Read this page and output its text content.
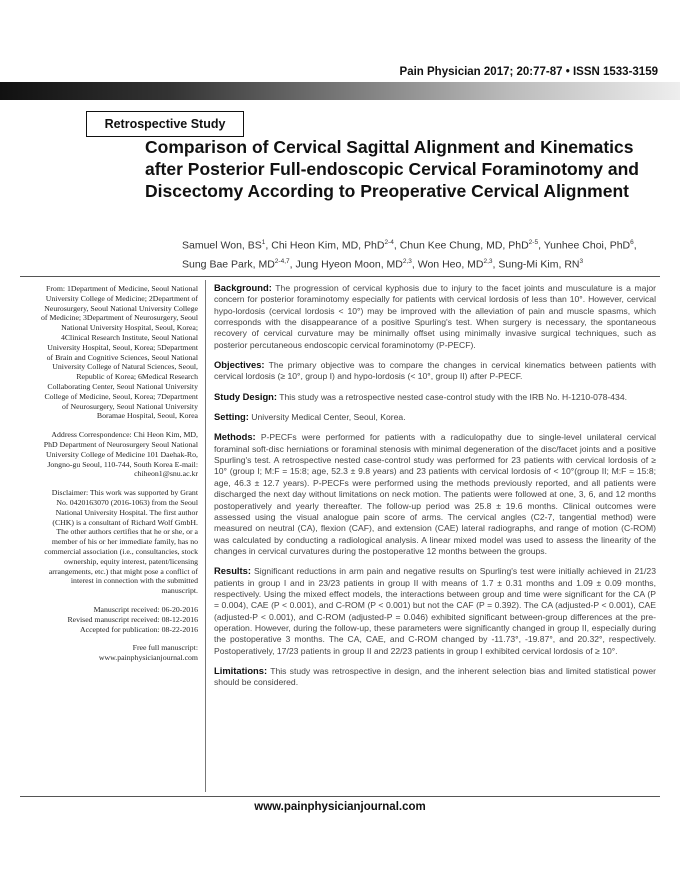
Pain Physician 2017; 20:77-87 • ISSN 1533-3159
Retrospective Study
Comparison of Cervical Sagittal Alignment and Kinematics after Posterior Full-endoscopic Cervical Foraminotomy and Discectomy According to Preoperative Cervical Alignment
Samuel Won, $BS^1$, Chi Heon Kim, MD, PhD$^{2-4}$, Chun Kee Chung, MD, PhD$^{2-5}$, Yunhee Choi, PhD$^6$, Sung Bae Park, MD$^{2-4,7}$, Jung Hyeon Moon, MD$^{2,3}$, Won Heo, MD$^{2,3}$, Sung-Mi Kim, $RN^3$

From: 1Department of Medicine, Seoul National University College of Medicine; 2Department of Neurosurgery, Seoul National University College of Medicine; 3Department of Neurosurgery, Seoul National University Hospital, Seoul, Korea; 4Clinical Research Institute, Seoul National University Hospital, Seoul, Korea; 5Department of Brain and Cognitive Sciences, Seoul National University College of Natural Sciences, Seoul, Republic of Korea; 6Medical Research Collaborating Center, Seoul National University College of Medicine, Seoul, Korea; 7Department of Neurosurgery, Seoul National University Boramae Hospital, Seoul, Korea

Address Correspondence: Chi Heon Kim, MD, PhD Department of Neurosurgery Seoul National University College of Medicine 101 Daehak-Ro, Jongno-gu Seoul, 110-744, South Korea E-mail: chiheon1@snu.ac.kr

Disclaimer: This work was supported by Grant No. 0420163070 (2016-1063) from the Seoul National University Hospital. The first author (CHK) is a consultant of Richard Wolf GmbH. The other authors certifies that he or she, or a member of his or her immediate family, has no commercial association (i.e., consultancies, stock ownership, equity interest, patent/licensing arrangements, etc.) that might pose a conflict of interest in connection with the submitted manuscript.

Manuscript received: 06-20-2016

Revised manuscript received: 08-12-2016

Accepted for publication: 08-22-2016

Free full manuscript: www.painphysicianjournal.com

Background: The progression of cervical kyphosis due to injury to the facet joints and musculature is a major concern for posterior foraminotomy especially for patients with cervical lordosis of less than 10°. However, cervical hypo-lordosis (cervical lordosis < 10°) may be improved with the alleviation of pain and muscle spasms, which corresponds with the disappearance of a positive Spurling's test. When surgery is necessary, the spontaneous recovery of cervical curvature may be minimally offset using minimally invasive surgical techniques, such as posterior percutaneous endoscopic cervical foraminotomy (P-PECF).

Objectives: The primary objective was to compare the changes in cervical kinematics between patients with cervical lordosis (≥ 10°, group I) and hypo-lordosis (< 10°, group II) after P-PECF.

Study Design: This study was a retrospective nested case-control study with the IRB No. H-1210-078-434.

Setting: University Medical Center, Seoul, Korea.

Methods: P-PECFs were performed for patients with a radiculopathy due to single-level unilateral cervical foraminal soft-disc herniations or foraminal stenosis with minimal degeneration of the disc/facet joints and a positive Spurling's test. A retrospective nested case-control study was performed for 23 patients with cervical lordosis of ≥ 10° (group I; M:F = 15:8; age, 52.3 ± 9.8 years) and 23 patients with cervical lordosis of < 10°(group II; M:F = 15:8; age, 46.3 ± 12.7 years). P-PECFs were performed using the methods previously reported, and all patients were discharged the next day without limitations on neck motion. The patients were followed at one, 3, 6, and 12 months postoperatively and yearly thereafter. The follow-up period was 25.8 ± 19.6 months. Clinical outcomes were assessed using the visual analogue pain score of arms. The cervical angles (C2-7, tangential method) were measured on neutral (CA), flexion (CAF), and extension (CAE) lateral radiographs, and range of motion (C-ROM) was calculated by conducting a radiological analysis. A linear mixed model was used to assess the linearity of the changes in cervical curvatures during the postoperative 12 months between the groups.

Results: Significant reductions in arm pain and negative results on Spurling's test were initially achieved in 21/23 patients in group I and in 23/23 patients in group II with means of 1.7 ± 0.31 months and 1.09 ± 0.09 months, respectively. Using the mixed effect models, the interactions between group and time were significant for the CA (P = 0.004), CAE (P < 0.001), and C-ROM (P < 0.001) but not the CAF (P = 0.392). The CA (adjusted-P < 0.001), CAE (adjusted-P < 0.001), and C-ROM (adjusted-P = 0.046) exhibited significant between-group differences at the pre-operation. However, during the follow-up, these parameters were significantly changed in group II, especially during the postoperative 3 months. The CA, CAE, and C-ROM changed by -11.73°, -19.87°, and 20.32°, respectively. Postoperatively, 17/23 patients in group II and 22/23 patients in group I exhibited cervical lordosis of ≥ 10°.

Limitations: This study was retrospective in design, and the inherent selection bias and limited statistical power should be considered.

www.painphysicianjournal.com
